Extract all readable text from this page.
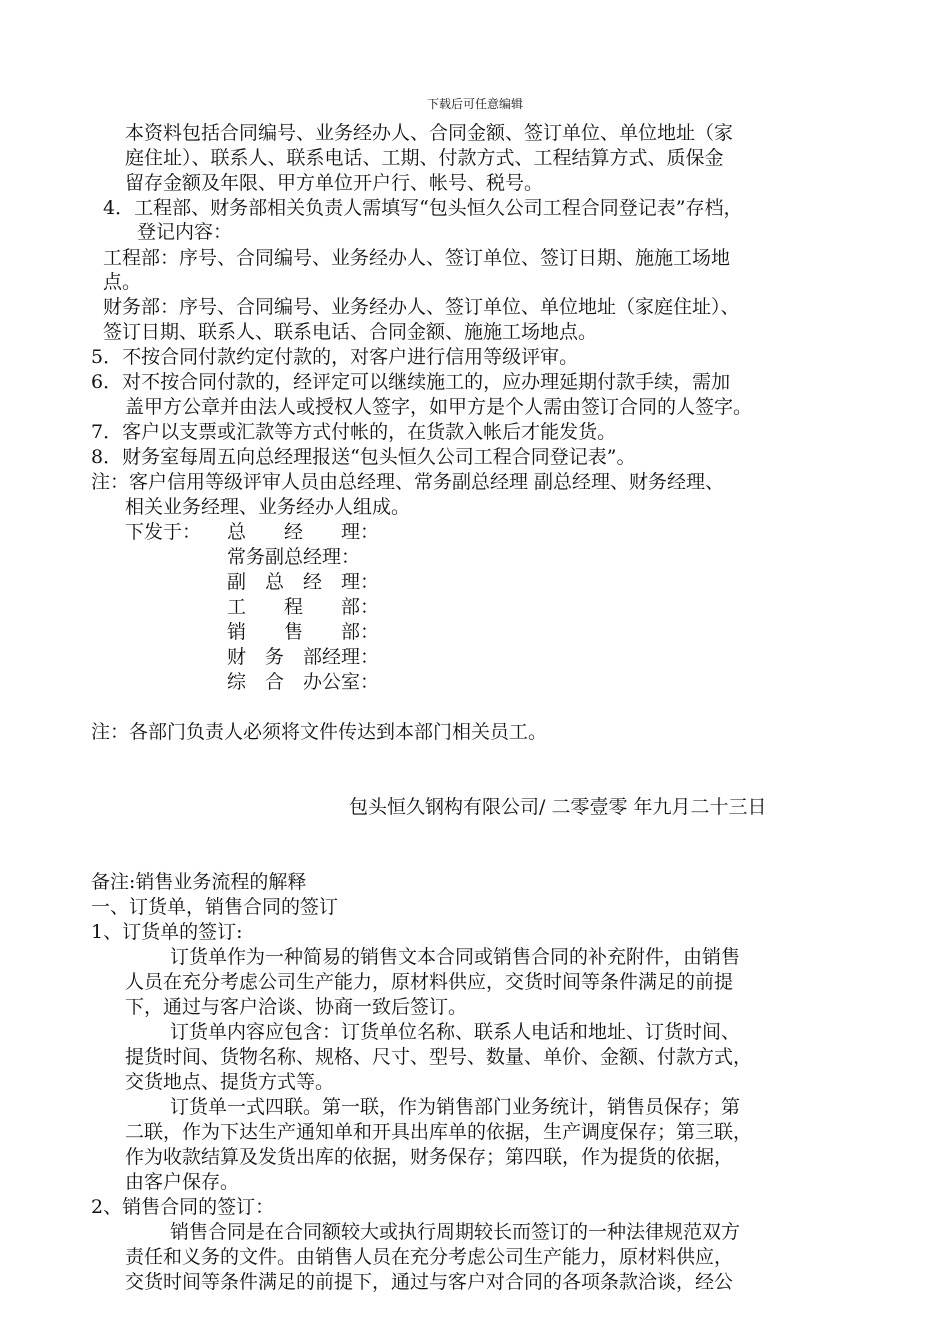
下载后可任意编辑
本资料包括合同编号、业务经办人、合同金额、签订单位、单位地址（家
庭住址）、联系人、联系电话、工期、付款方式、工程结算方式、质保金
留存金额及年限、甲方单位开户行、帐号、税号。
4．工程部、财务部相关负责人需填写“包头恒久公司工程合同登记表”存档，
登记内容：
工程部：序号、合同编号、业务经办人、签订单位、签订日期、施施工场地
点。
财务部：序号、合同编号、业务经办人、签订单位、单位地址（家庭住址）、
签订日期、联系人、联系电话、合同金额、施施工场地点。
5．不按合同付款约定付款的，对客户进行信用等级评审。
6．对不按合同付款的，经评定可以继续施工的，应办理延期付款手续，需加
盖甲方公章并由法人或授权人签字，如甲方是个人需由签订合同的人签字。
7．客户以支票或汇款等方式付帐的，在货款入帐后才能发货。
8．财务室每周五向总经理报送“包头恒久公司工程合同登记表”。
注：客户信用等级评审人员由总经理、常务副总经理 副总经理、财务经理、
相关业务经理、业务经办人组成。
下发于： 总　　经　　理：
常务副总经理：
副　总　经　理：
工　　程　　部：
销　　售　　部：
财　务　部经理：
综　合　办公室：
注：各部门负责人必须将文件传达到本部门相关员工。
包头恒久钢构有限公司/ 二零壹零 年九月二十三日
备注:销售业务流程的解释
一、订货单，销售合同的签订
1、订货单的签订:
订货单作为一种简易的销售文本合同或销售合同的补充附件，由销售
人员在充分考虑公司生产能力，原材料供应，交货时间等条件满足的前提
下，通过与客户洽谈、协商一致后签订。
订货单内容应包含：订货单位名称、联系人电话和地址、订货时间、
提货时间、货物名称、规格、尺寸、型号、数量、单价、金额、付款方式，
交货地点、提货方式等。
订货单一式四联。第一联，作为销售部门业务统计，销售员保存；第
二联，作为下达生产通知单和开具出库单的依据，生产调度保存；第三联，
作为收款结算及发货出库的依据，财务保存；第四联，作为提货的依据，
由客户保存。
2、销售合同的签订：
销售合同是在合同额较大或执行周期较长而签订的一种法律规范双方
责任和义务的文件。由销售人员在充分考虑公司生产能力，原材料供应，
交货时间等条件满足的前提下，通过与客户对合同的各项条款洽谈，经公
